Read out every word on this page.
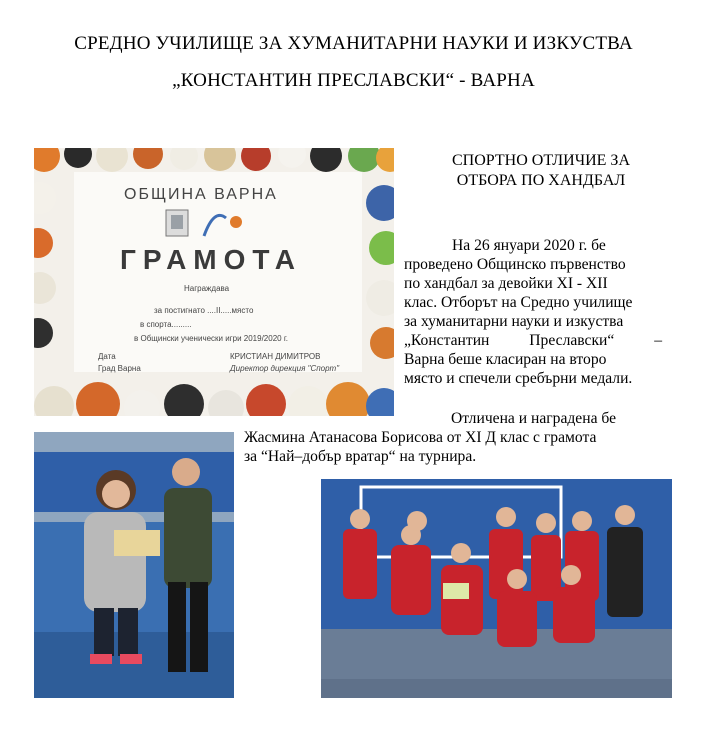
СРЕДНО УЧИЛИЩЕ ЗА ХУМАНИТАРНИ НАУКИ И ИЗКУСТВА
„КОНСТАНТИН ПРЕСЛАВСКИ“ - ВАРНА
ОБЩИНА ВАРНА
ГРАМОТА
Награждава
за постигнато ....II.....място
в спорта.........
в Общински ученически игри 2019/2020 г.
Дата
Град Варна
КРИСТИАН ДИМИТРОВ
Директор дирекция "Спорт"
СПОРТНО ОТЛИЧИЕ ЗА
ОТБОРА ПО ХАНДБАЛ
На 26 януари 2020 г. бе
проведено Общинско първенство
по хандбал за девойки XI - XII
клас. Отборът на Средно училище
за хуманитарни науки и изкуства
„Константин Преславски“ –
Варна беше класиран на второ
място и спечели сребърни медали.
Отличена и наградена бе
Жасмина Атанасова Борисова от XI Д клас с грамота
за “Най–добър вратар“ на турнира.
